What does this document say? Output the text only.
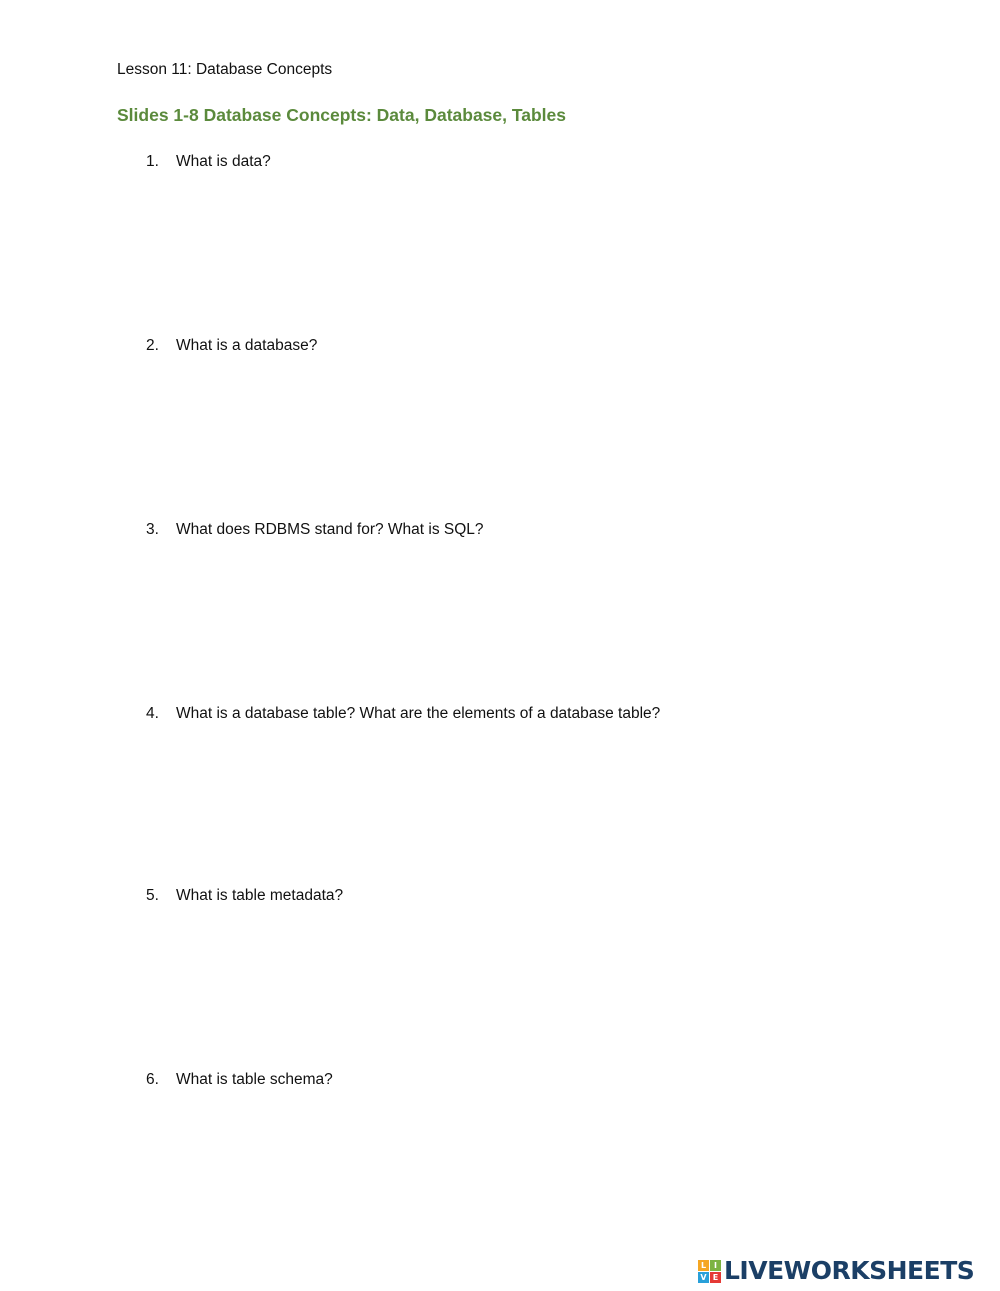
Lesson 11: Database Concepts
Slides 1-8 Database Concepts: Data, Database, Tables
1. What is data?
2. What is a database?
3. What does RDBMS stand for? What is SQL?
4. What is a database table? What are the elements of a database table?
5. What is table metadata?
6. What is table schema?
L I
V E LIVEWORKSHEETS
